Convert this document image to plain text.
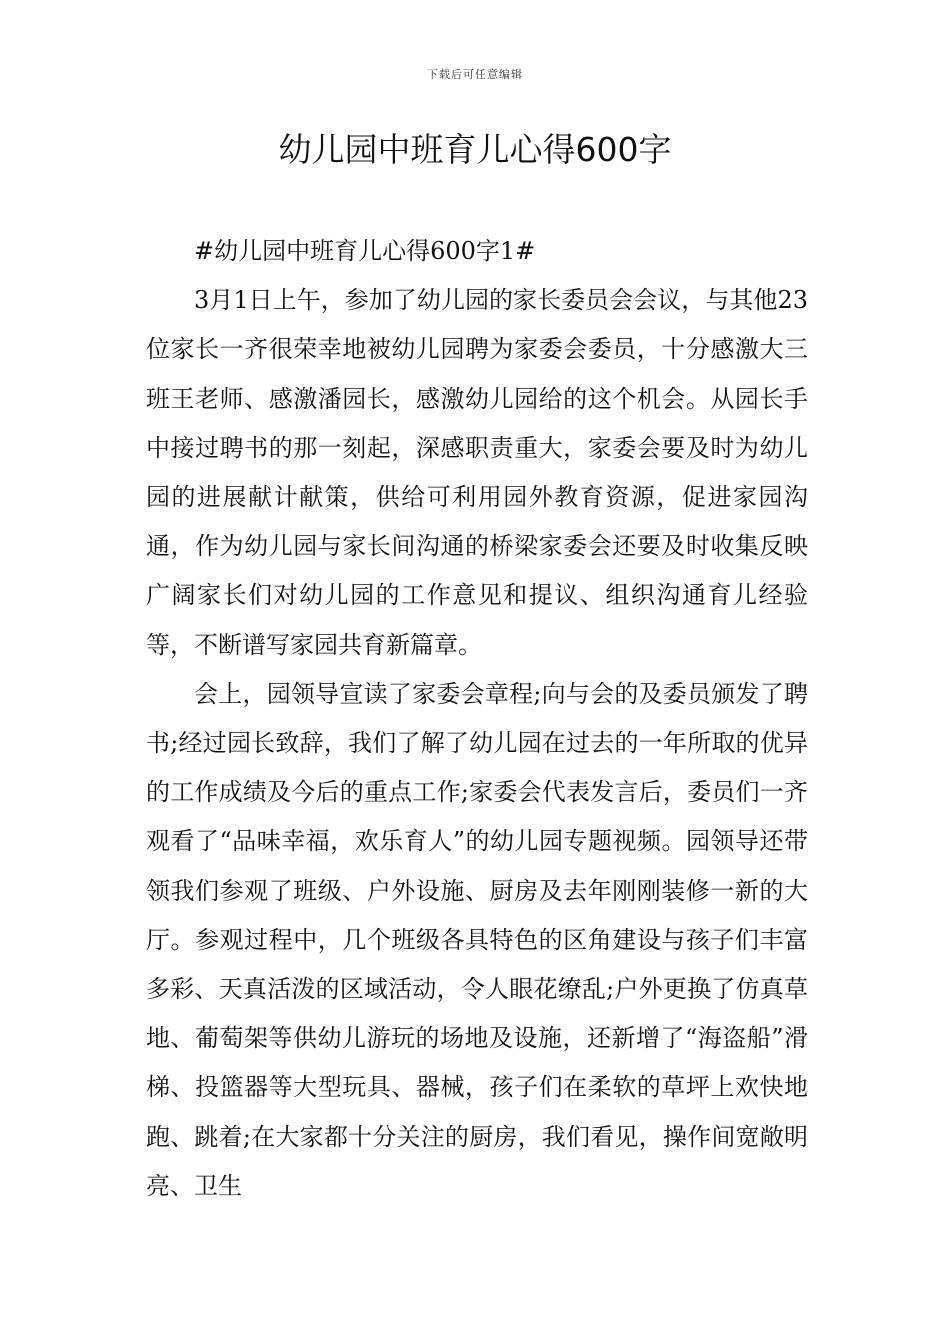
下载后可任意编辑
幼儿园中班育儿心得600字

#幼儿园中班育儿心得600字1#

3月1日上午，参加了幼儿园的家长委员会会议，与其他23位家长一齐很荣幸地被幼儿园聘为家委会委员，十分感激大三班王老师、感激潘园长，感激幼儿园给的这个机会。从园长手中接过聘书的那一刻起，深感职责重大，家委会要及时为幼儿园的进展献计献策，供给可利用园外教育资源，促进家园沟通，作为幼儿园与家长间沟通的桥梁家委会还要及时收集反映广阔家长们对幼儿园的工作意见和提议、组织沟通育儿经验等，不断谱写家园共育新篇章。

会上，园领导宣读了家委会章程;向与会的及委员颁发了聘书;经过园长致辞，我们了解了幼儿园在过去的一年所取的优异的工作成绩及今后的重点工作;家委会代表发言后，委员们一齐观看了“品味幸福，欢乐育人”的幼儿园专题视频。园领导还带领我们参观了班级、户外设施、厨房及去年刚刚装修一新的大厅。参观过程中，几个班级各具特色的区角建设与孩子们丰富多彩、天真活泼的区域活动，令人眼花缭乱;户外更换了仿真草地、葡萄架等供幼儿游玩的场地及设施，还新增了“海盗船”滑梯、投篮器等大型玩具、器械，孩子们在柔软的草坪上欢快地跑、跳着;在大家都十分关注的厨房，我们看见，操作间宽敞明亮、卫生
